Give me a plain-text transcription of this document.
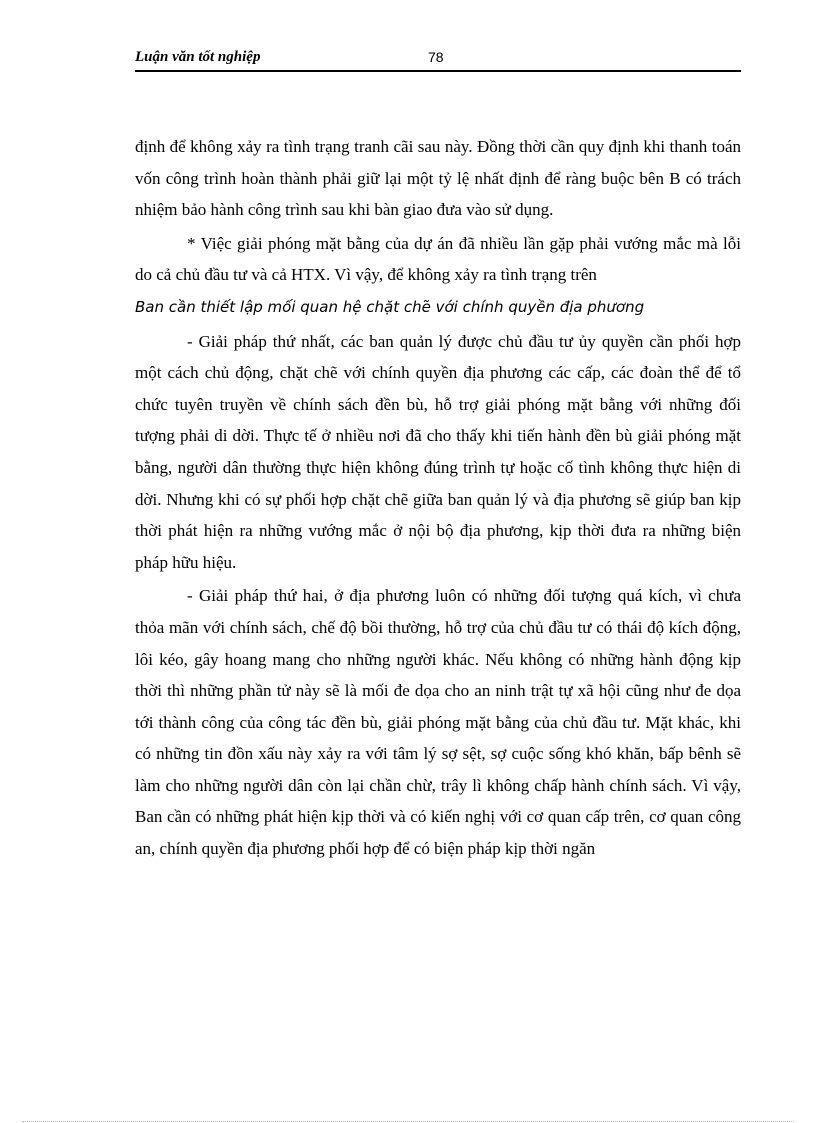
Luận văn tốt nghiệp	78

định để không xảy ra tình trạng tranh cãi sau này. Đồng thời cần quy định khi thanh toán vốn công trình hoàn thành phải giữ lại một tỷ lệ nhất định để ràng buộc bên B có trách nhiệm bảo hành công trình sau khi bàn giao đưa vào sử dụng.

* Việc giải phóng mặt bằng của dự án đã nhiều lần gặp phải vướng mắc mà lỗi do cả chủ đầu tư và cả HTX. Vì vậy, để không xảy ra tình trạng trên
Ban cần thiết lập mối quan hệ chặt chẽ với chính quyền địa phương

- Giải pháp thứ nhất, các ban quản lý được chủ đầu tư ủy quyền cần phối hợp một cách chủ động, chặt chẽ với chính quyền địa phương các cấp, các đoàn thể để tổ chức tuyên truyền về chính sách đền bù, hỗ trợ giải phóng mặt bằng với những đối tượng phải di dời. Thực tế ở nhiều nơi đã cho thấy khi tiến hành đền bù giải phóng mặt bằng, người dân thường thực hiện không đúng trình tự hoặc cố tình không thực hiện di dời. Nhưng khi có sự phối hợp chặt chẽ giữa ban quản lý và địa phương sẽ giúp ban kịp thời phát hiện ra những vướng mắc ở nội bộ địa phương, kịp thời đưa ra những biện pháp hữu hiệu.

- Giải pháp thứ hai, ở địa phương luôn có những đối tượng quá kích, vì chưa thỏa mãn với chính sách, chế độ bồi thường, hỗ trợ của chủ đầu tư có thái độ kích động, lôi kéo, gây hoang mang cho những người khác. Nếu không có những hành động kịp thời thì những phần tử này sẽ là mối đe dọa cho an ninh trật tự xã hội cũng như đe dọa tới thành công của công tác đền bù, giải phóng mặt bằng của chủ đầu tư. Mặt khác, khi có những tin đồn xấu này xảy ra với tâm lý sợ sệt, sợ cuộc sống khó khăn, bấp bênh sẽ làm cho những người dân còn lại chần chừ, trây lì không chấp hành chính sách. Vì vậy, Ban cần có những phát hiện kịp thời và có kiến nghị với cơ quan cấp trên, cơ quan công an, chính quyền địa phương phối hợp để có biện pháp kịp thời ngăn
